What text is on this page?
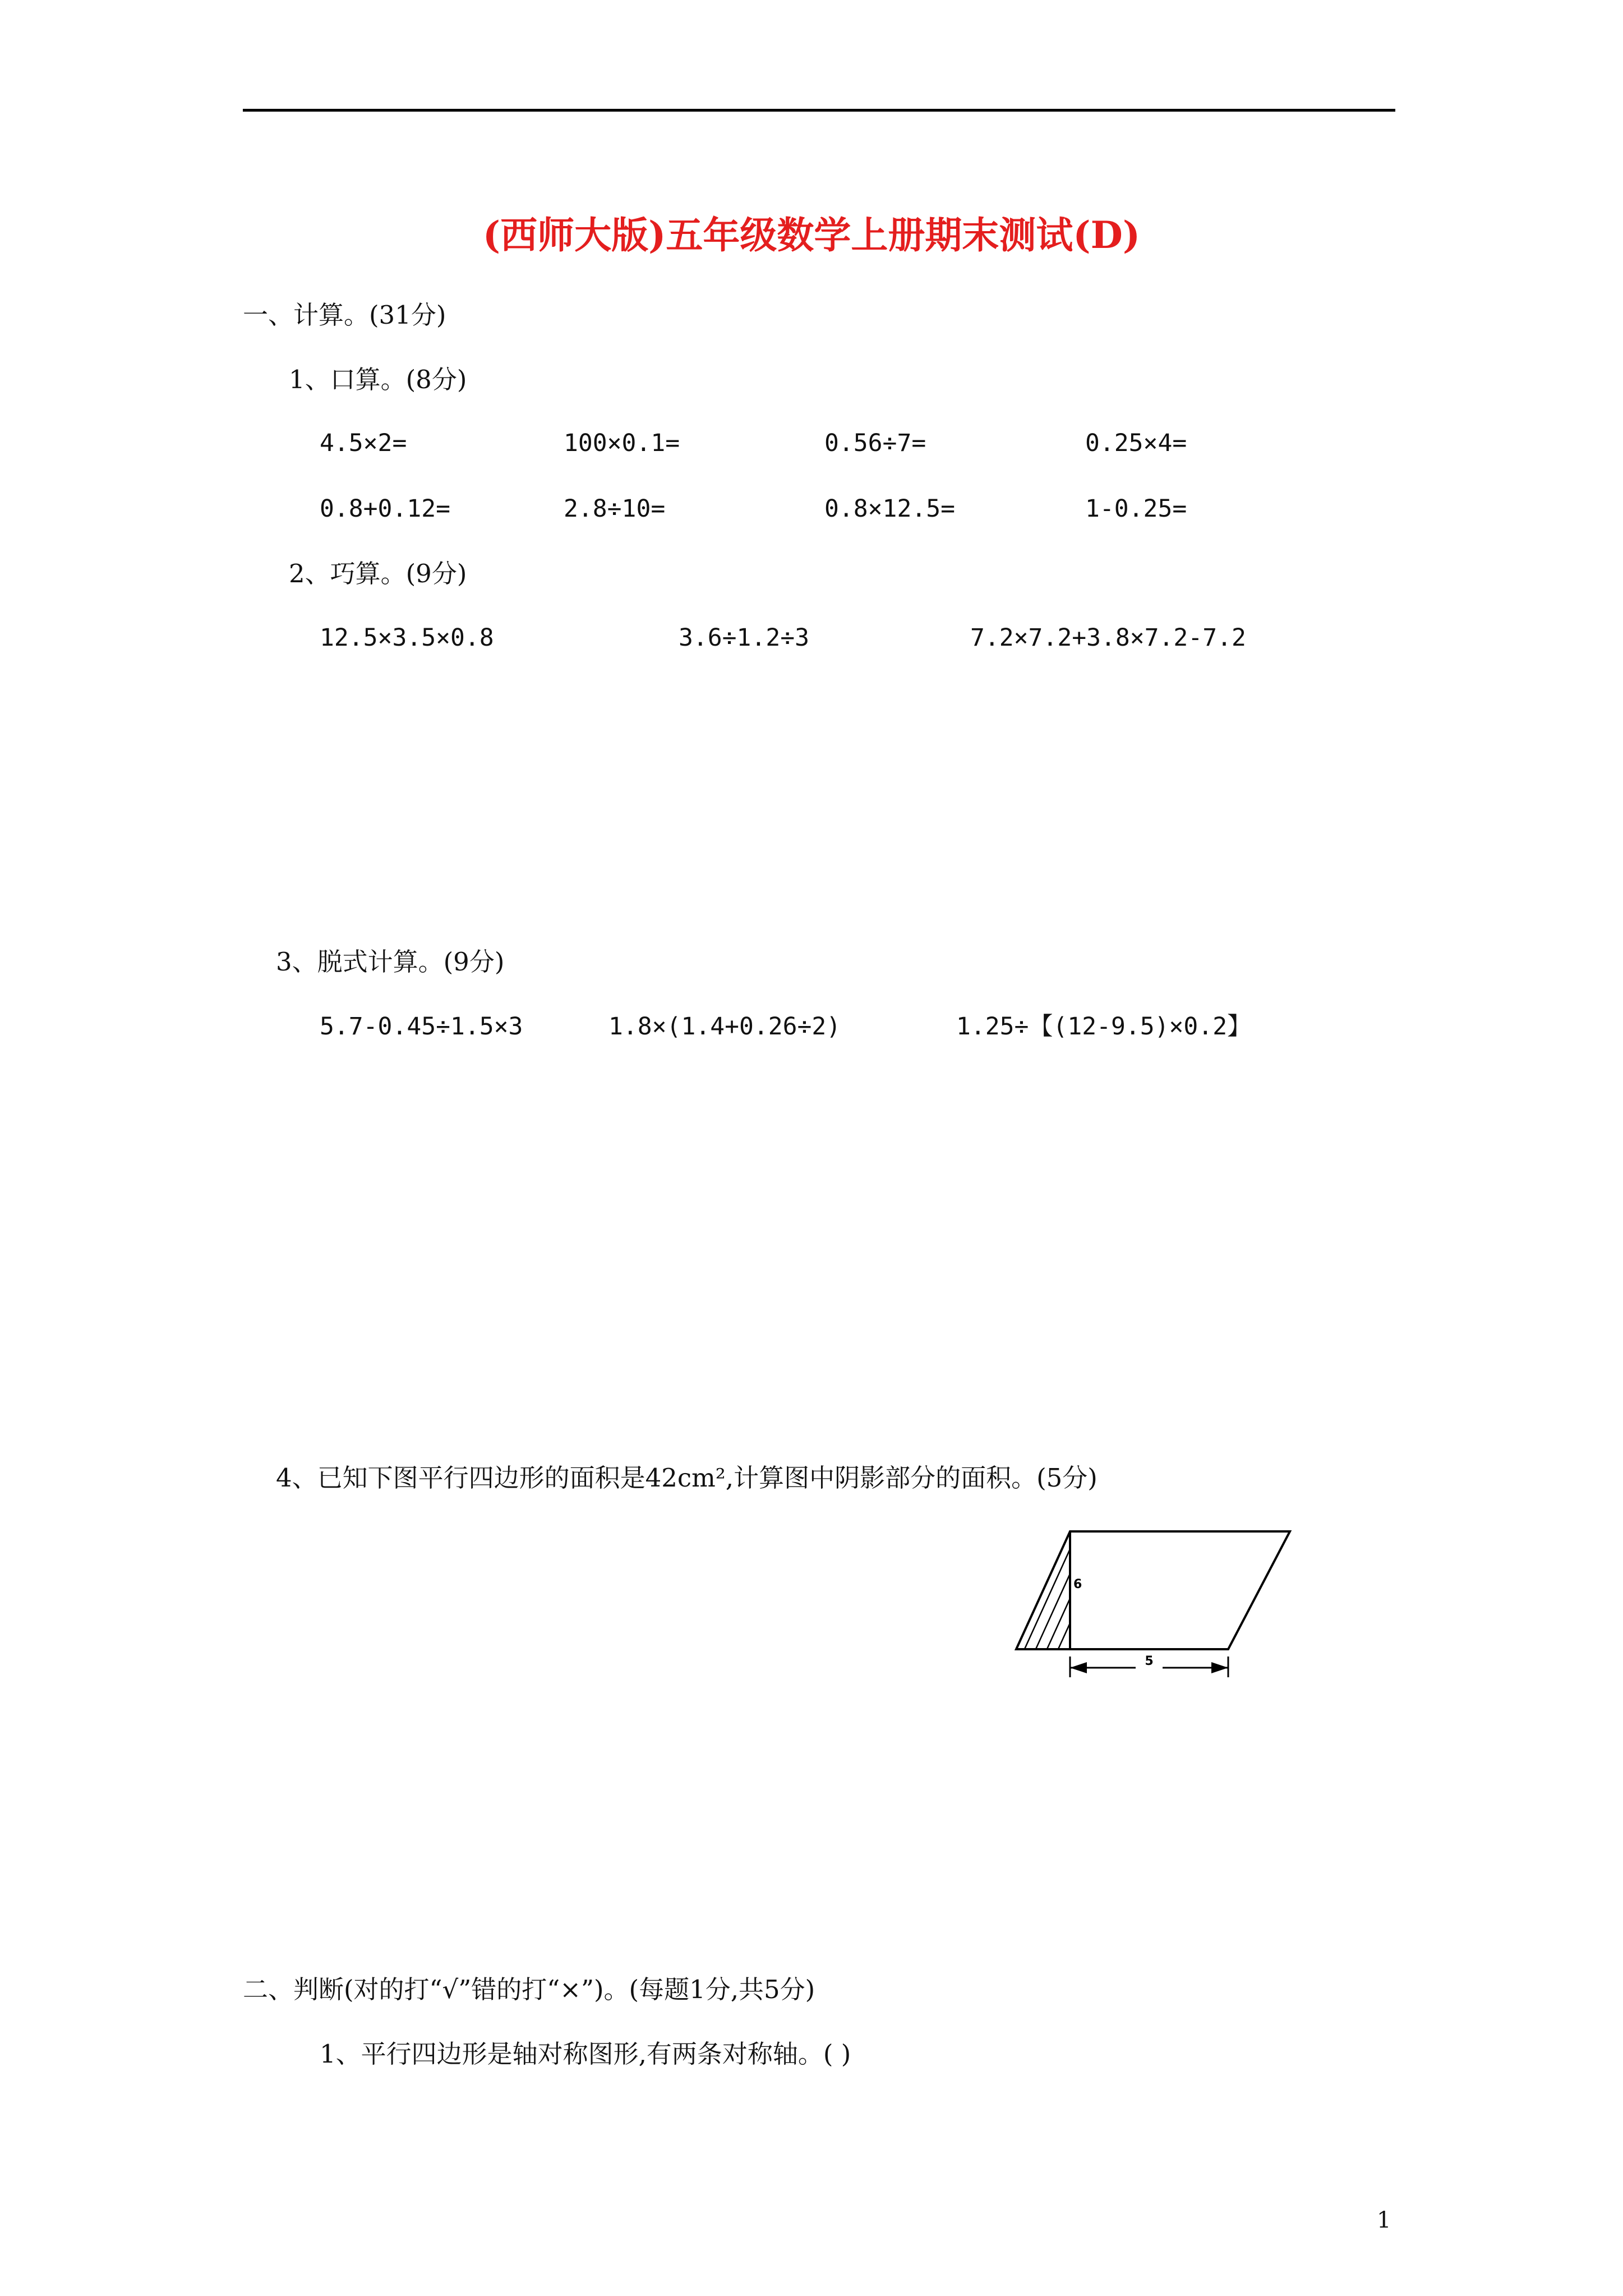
(西师大版)五年级数学上册期末测试(D)
一、计算。(31分)
1、口算。(8分)
4.5×2=	100×0.1=	0.56÷7=	0.25×4=
0.8+0.12=	2.8÷10=	0.8×12.5=	1-0.25=
2、巧算。(9分)
12.5×3.5×0.8	3.6÷1.2÷3	7.2×7.2+3.8×7.2-7.2
3、脱式计算。(9分)
5.7-0.45÷1.5×3	1.8×(1.4+0.26÷2)	1.25÷【(12-9.5)×0.2】
4、已知下图平行四边形的面积是42cm²,计算图中阴影部分的面积。(5分)
6
5
二、判断(对的打“√”错的打“×”)。(每题1分,共5分)
1、平行四边形是轴对称图形,有两条对称轴。( )
1
